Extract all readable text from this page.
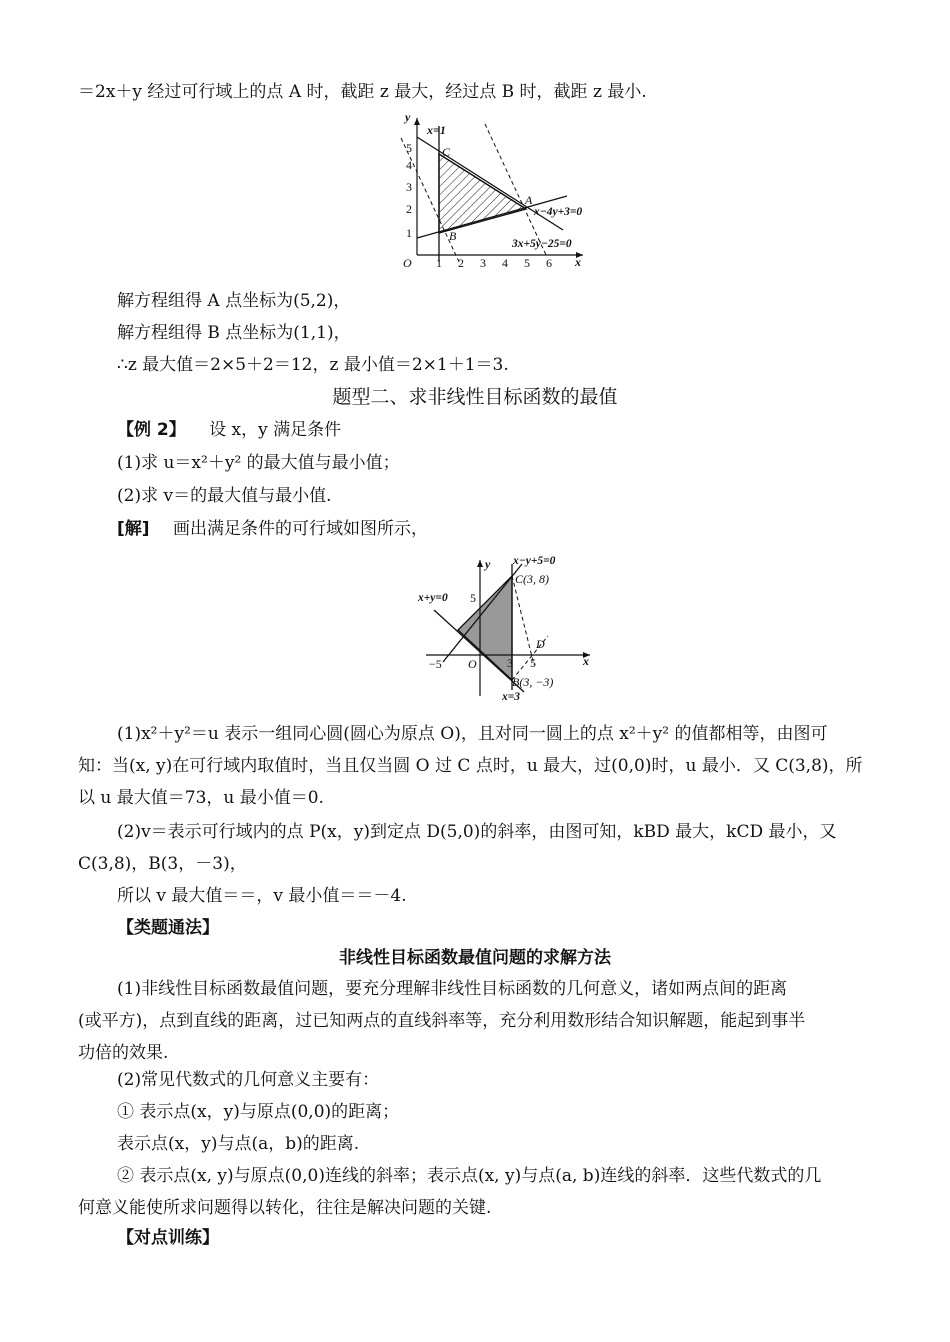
＝2x＋y 经过可行域上的点 A 时，截距 z 最大，经过点 B 时，截距 z 最小.
1 2 3 4 5 6
1
2
3
4
5
O	x
y
x=1
C
A
B
x−4y+3=0
3x+5y−25=0
解方程组得 A 点坐标为(5,2)，
解方程组得 B 点坐标为(1,1)，
∴z 最大值＝2×5＋2＝12，z 最小值＝2×1＋1＝3.
题型二、求非线性目标函数的最值
【例 2】 设 x，y 满足条件
(1)求 u＝x²＋y² 的最大值与最小值；
(2)求 v＝的最大值与最小值.
[解] 画出满足条件的可行域如图所示，
x−y+5=0
x+y=0
x=3
C(3, 8)
B(3, −3)
D
−5
5
3 5
O	x
y
(1)x²＋y²＝u 表示一组同心圆(圆心为原点 O)，且对同一圆上的点 x²＋y² 的值都相等，由图可
知：当(x, y)在可行域内取值时，当且仅当圆 O 过 C 点时，u 最大，过(0,0)时，u 最小．又 C(3,8)，所
以 u 最大值＝73，u 最小值＝0.
(2)v＝表示可行域内的点 P(x，y)到定点 D(5,0)的斜率，由图可知，kBD 最大，kCD 最小，又
C(3,8)，B(3，－3)，
所以 v 最大值＝＝，v 最小值＝＝－4.
【类题通法】
非线性目标函数最值问题的求解方法
(1)非线性目标函数最值问题，要充分理解非线性目标函数的几何意义，诸如两点间的距离
(或平方)，点到直线的距离，过已知两点的直线斜率等，充分利用数形结合知识解题，能起到事半
功倍的效果.
(2)常见代数式的几何意义主要有：
① 表示点(x，y)与原点(0,0)的距离；
表示点(x，y)与点(a，b)的距离.
② 表示点(x, y)与原点(0,0)连线的斜率；表示点(x, y)与点(a, b)连线的斜率．这些代数式的几
何意义能使所求问题得以转化，往往是解决问题的关键.
【对点训练】
